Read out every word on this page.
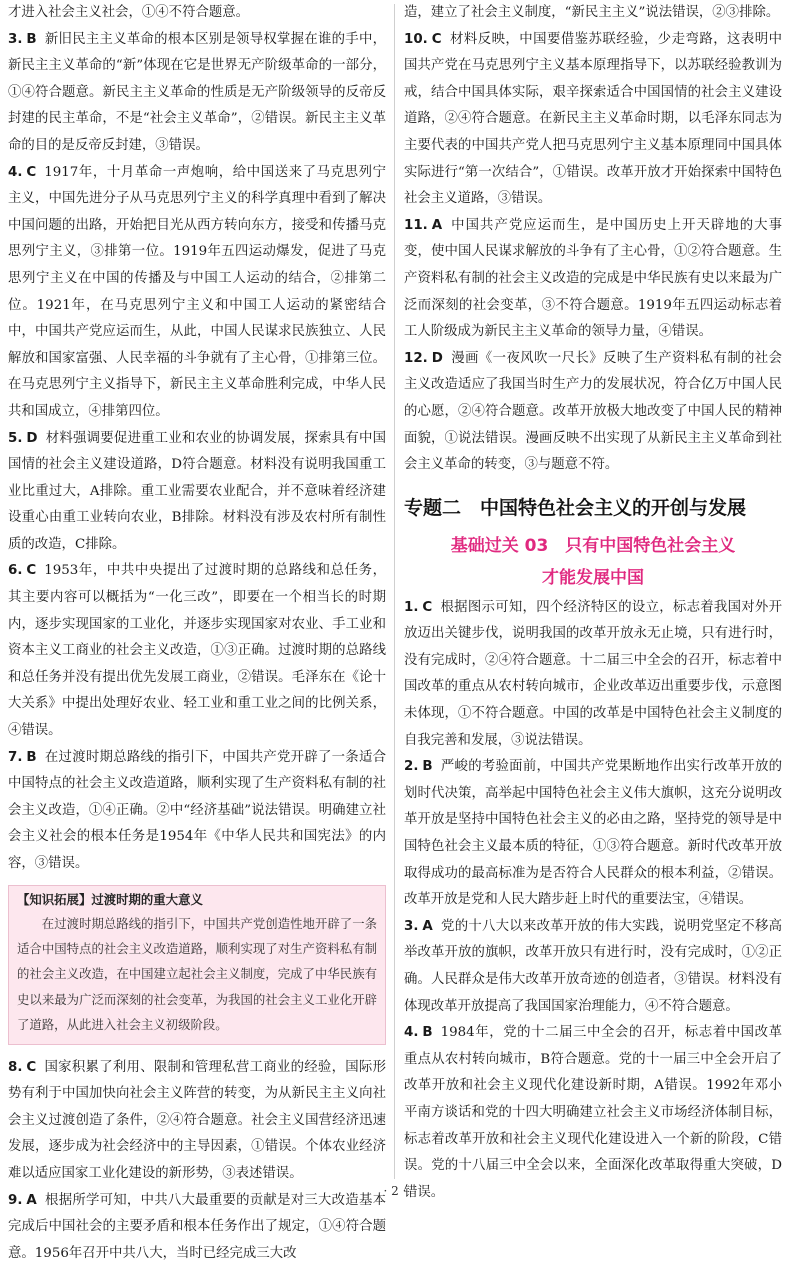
才进入社会主义社会，①④不符合题意。

3. B 新旧民主主义革命的根本区别是领导权掌握在谁的手中，新民主主义革命的“新”体现在它是世界无产阶级革命的一部分，①④符合题意。新民主主义革命的性质是无产阶级领导的反帝反封建的民主革命，不是“社会主义革命”，②错误。新民主主义革命的目的是反帝反封建，③错误。

4. C 1917年，十月革命一声炮响，给中国送来了马克思列宁主义，中国先进分子从马克思列宁主义的科学真理中看到了解决中国问题的出路，开始把目光从西方转向东方，接受和传播马克思列宁主义，③排第一位。1919年五四运动爆发，促进了马克思列宁主义在中国的传播及与中国工人运动的结合，②排第二位。1921年，在马克思列宁主义和中国工人运动的紧密结合中，中国共产党应运而生，从此，中国人民谋求民族独立、人民解放和国家富强、人民幸福的斗争就有了主心骨，①排第三位。在马克思列宁主义指导下，新民主主义革命胜利完成，中华人民共和国成立，④排第四位。

5. D 材料强调要促进重工业和农业的协调发展，探索具有中国国情的社会主义建设道路，D符合题意。材料没有说明我国重工业比重过大，A排除。重工业需要农业配合，并不意味着经济建设重心由重工业转向农业，B排除。材料没有涉及农村所有制性质的改造，C排除。

6. C 1953年，中共中央提出了过渡时期的总路线和总任务，其主要内容可以概括为“一化三改”，即要在一个相当长的时期内，逐步实现国家的工业化，并逐步实现国家对农业、手工业和资本主义工商业的社会主义改造，①③正确。过渡时期的总路线和总任务并没有提出优先发展工商业，②错误。毛泽东在《论十大关系》中提出处理好农业、轻工业和重工业之间的比例关系，④错误。

7. B 在过渡时期总路线的指引下，中国共产党开辟了一条适合中国特点的社会主义改造道路，顺利实现了生产资料私有制的社会主义改造，①④正确。②中“经济基础”说法错误。明确建立社会主义社会的根本任务是1954年《中华人民共和国宪法》的内容，③错误。

【知识拓展】过渡时期的重大意义
在过渡时期总路线的指引下，中国共产党创造性地开辟了一条适合中国特点的社会主义改造道路，顺利实现了对生产资料私有制的社会主义改造，在中国建立起社会主义制度，完成了中华民族有史以来最为广泛而深刻的社会变革，为我国的社会主义工业化开辟了道路，从此进入社会主义初级阶段。

8. C 国家积累了利用、限制和管理私营工商业的经验，国际形势有利于中国加快向社会主义阵营的转变，为从新民主主义向社会主义过渡创造了条件，②④符合题意。社会主义国营经济迅速发展，逐步成为社会经济中的主导因素，①错误。个体农业经济难以适应国家工业化建设的新形势，③表述错误。

9. A 根据所学可知，中共八大最重要的贡献是对三大改造基本完成后中国社会的主要矛盾和根本任务作出了规定，①④符合题意。1956年召开中共八大，当时已经完成三大改

造，建立了社会主义制度，“新民主主义”说法错误，②③排除。

10. C 材料反映，中国要借鉴苏联经验，少走弯路，这表明中国共产党在马克思列宁主义基本原理指导下，以苏联经验教训为戒，结合中国具体实际，艰辛探索适合中国国情的社会主义建设道路，②④符合题意。在新民主主义革命时期，以毛泽东同志为主要代表的中国共产党人把马克思列宁主义基本原理同中国具体实际进行“第一次结合”，①错误。改革开放才开始探索中国特色社会主义道路，③错误。

11. A 中国共产党应运而生，是中国历史上开天辟地的大事变，使中国人民谋求解放的斗争有了主心骨，①②符合题意。生产资料私有制的社会主义改造的完成是中华民族有史以来最为广泛而深刻的社会变革，③不符合题意。1919年五四运动标志着工人阶级成为新民主主义革命的领导力量，④错误。

12. D 漫画《一夜风吹一尺长》反映了生产资料私有制的社会主义改造适应了我国当时生产力的发展状况，符合亿万中国人民的心愿，②④符合题意。改革开放极大地改变了中国人民的精神面貌，①说法错误。漫画反映不出实现了从新民主主义革命到社会主义革命的转变，③与题意不符。

专题二　中国特色社会主义的开创与发展
基础过关 03　只有中国特色社会主义
才能发展中国

1. C 根据图示可知，四个经济特区的设立，标志着我国对外开放迈出关键步伐，说明我国的改革开放永无止境，只有进行时，没有完成时，②④符合题意。十二届三中全会的召开，标志着中国改革的重点从农村转向城市，企业改革迈出重要步伐，示意图未体现，①不符合题意。中国的改革是中国特色社会主义制度的自我完善和发展，③说法错误。

2. B 严峻的考验面前，中国共产党果断地作出实行改革开放的划时代决策，高举起中国特色社会主义伟大旗帜，这充分说明改革开放是坚持中国特色社会主义的必由之路，坚持党的领导是中国特色社会主义最本质的特征，①③符合题意。新时代改革开放取得成功的最高标准为是否符合人民群众的根本利益，②错误。改革开放是党和人民大踏步赶上时代的重要法宝，④错误。

3. A 党的十八大以来改革开放的伟大实践，说明党坚定不移高举改革开放的旗帜，改革开放只有进行时，没有完成时，①②正确。人民群众是伟大改革开放奇迹的创造者，③错误。材料没有体现改革开放提高了我国国家治理能力，④不符合题意。

4. B 1984年，党的十二届三中全会的召开，标志着中国改革重点从农村转向城市，B符合题意。党的十一届三中全会开启了改革开放和社会主义现代化建设新时期，A错误。1992年邓小平南方谈话和党的十四大明确建立社会主义市场经济体制目标，标志着改革开放和社会主义现代化建设进入一个新的阶段，C错误。党的十八届三中全会以来，全面深化改革取得重大突破，D错误。

· 2 ·
